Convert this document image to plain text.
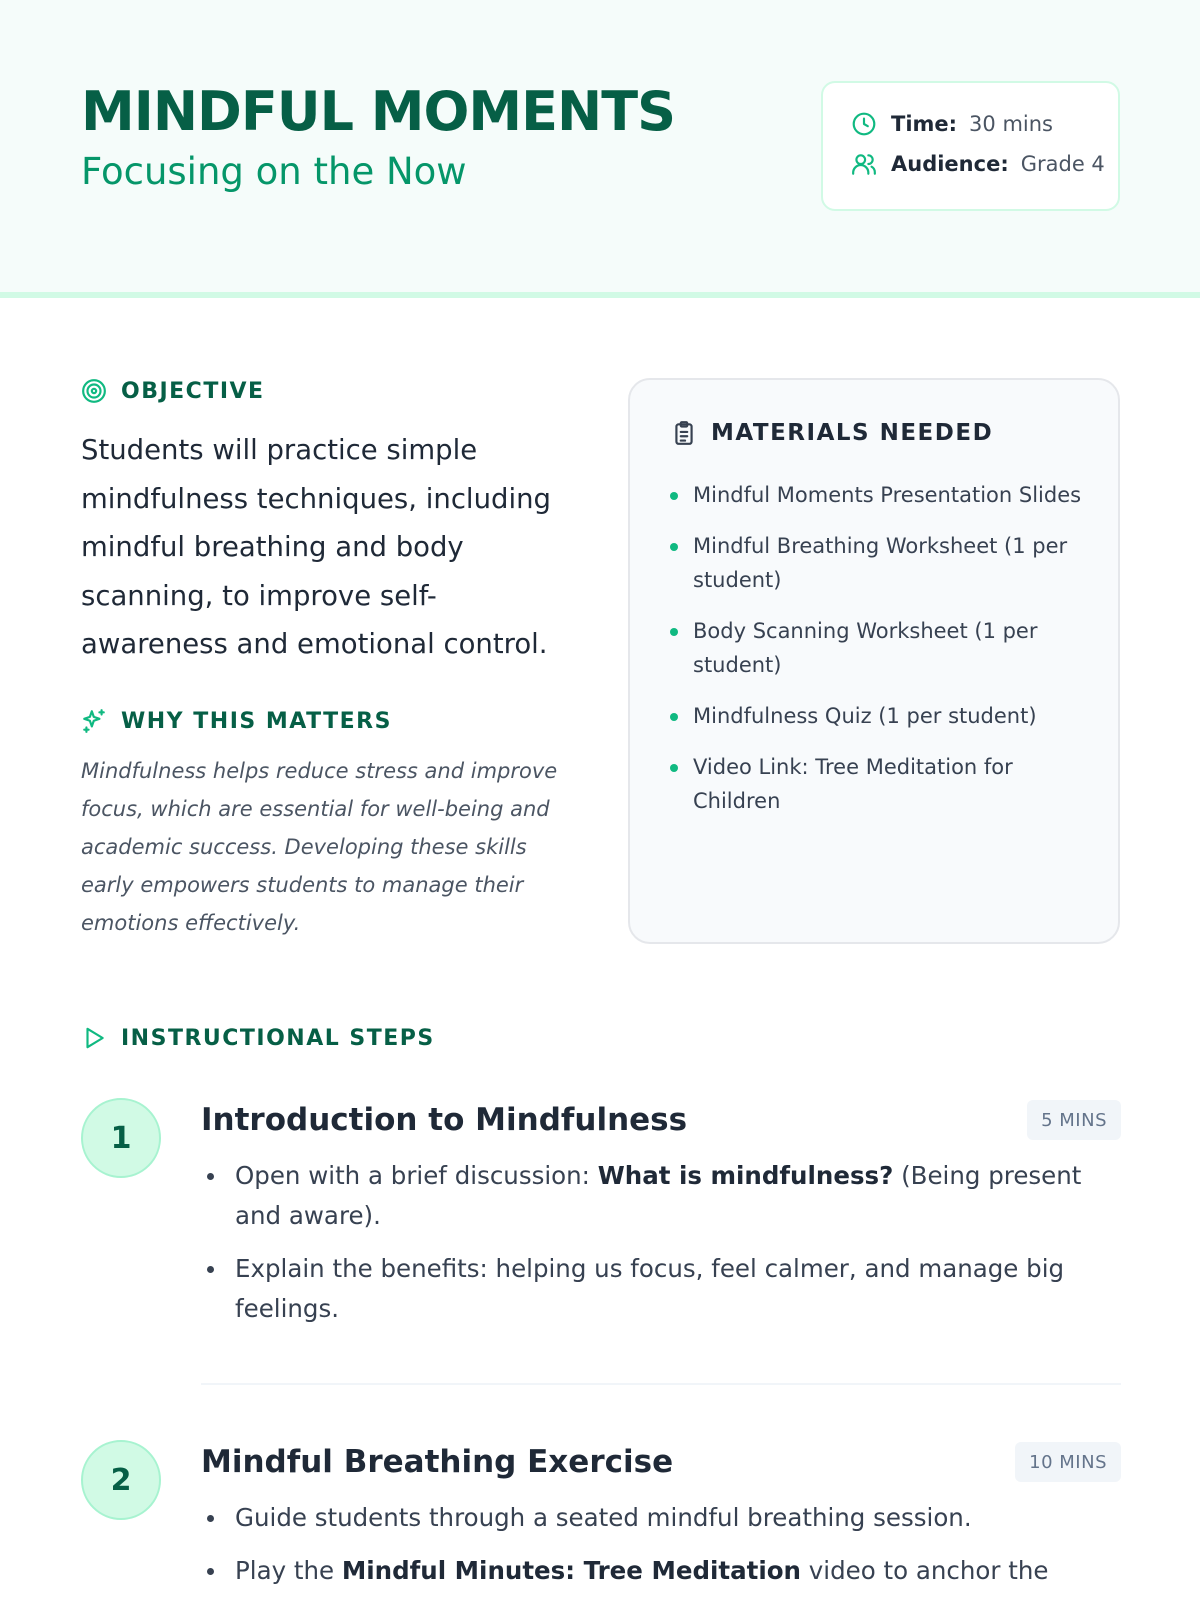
MINDFUL MOMENTS
Focusing on the Now
Time: 30 mins
Audience: Grade 4
OBJECTIVE

Students will practice simple mindfulness techniques, including mindful breathing and body scanning, to improve self-awareness and emotional control.

WHY THIS MATTERS

Mindfulness helps reduce stress and improve focus, which are essential for well-being and academic success. Developing these skills early empowers students to manage their emotions effectively.

MATERIALS NEEDED
Mindful Moments Presentation Slides
Mindful Breathing Worksheet (1 per student)
Body Scanning Worksheet (1 per student)
Mindfulness Quiz (1 per student)
Video Link: Tree Meditation for Children
INSTRUCTIONAL STEPS
1	Introduction to Mindfulness	5 MINS
Open with a brief discussion: What is mindfulness? (Being present and aware).
Explain the benefits: helping us focus, feel calmer, and manage big feelings.
2	Mindful Breathing Exercise	10 MINS
Guide students through a seated mindful breathing session.
Play the Mindful Minutes: Tree Meditation video to anchor the
